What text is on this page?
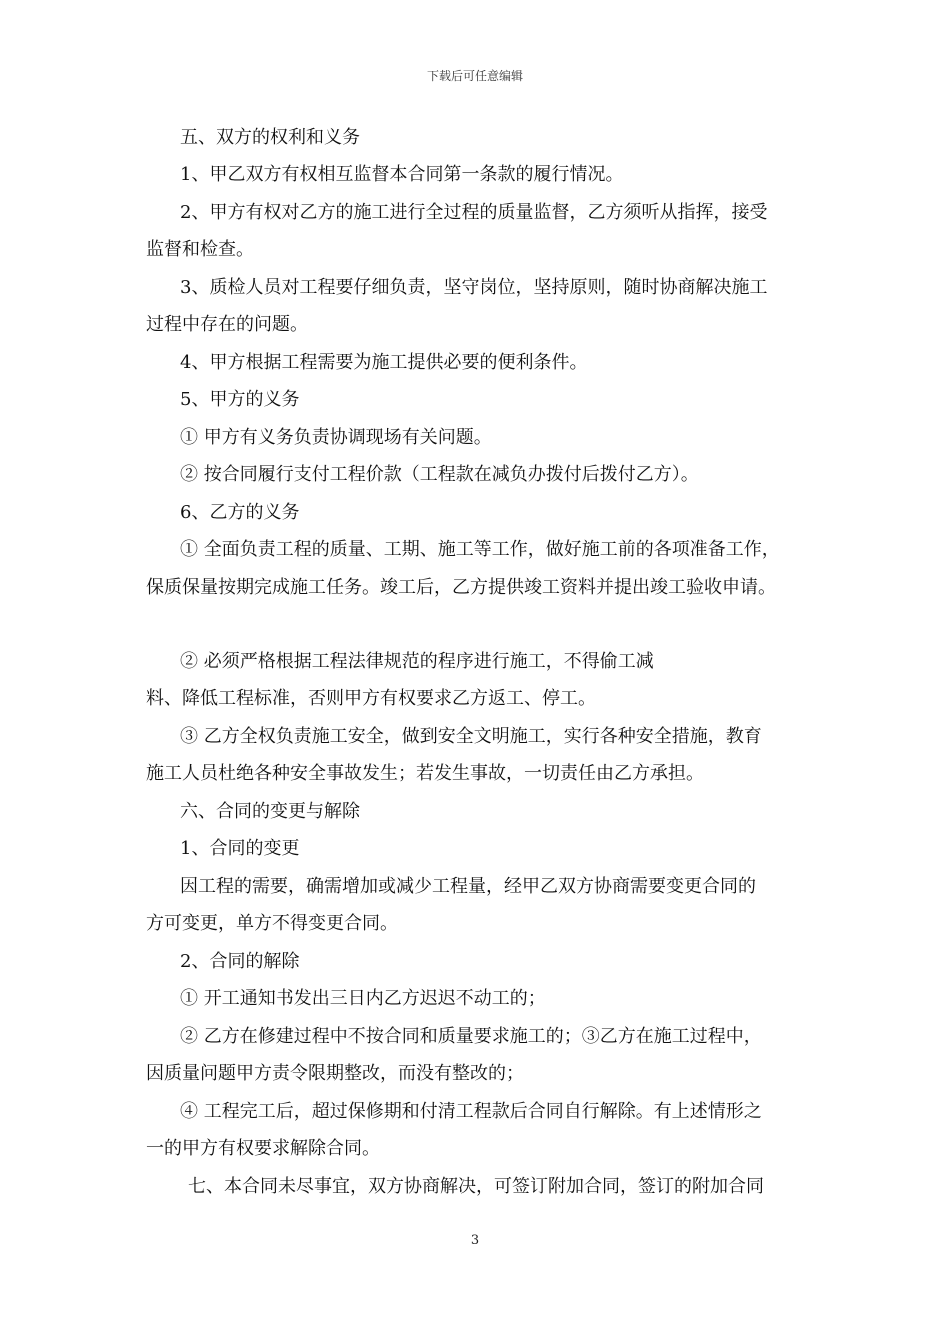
下载后可任意编辑
五、双方的权利和义务
1、甲乙双方有权相互监督本合同第一条款的履行情况。
2、甲方有权对乙方的施工进行全过程的质量监督，乙方须听从指挥，接受
监督和检查。
3、质检人员对工程要仔细负责，坚守岗位，坚持原则，随时协商解决施工
过程中存在的问题。
4、甲方根据工程需要为施工提供必要的便利条件。
5、甲方的义务
① 甲方有义务负责协调现场有关问题。
② 按合同履行支付工程价款（工程款在减负办拨付后拨付乙方）。
6、乙方的义务
① 全面负责工程的质量、工期、施工等工作，做好施工前的各项准备工作，
保质保量按期完成施工任务。竣工后，乙方提供竣工资料并提出竣工验收申请。
② 必须严格根据工程法律规范的程序进行施工，不得偷工减
料、降低工程标准，否则甲方有权要求乙方返工、停工。
③ 乙方全权负责施工安全，做到安全文明施工，实行各种安全措施，教育
施工人员杜绝各种安全事故发生；若发生事故，一切责任由乙方承担。
六、合同的变更与解除
1、合同的变更
因工程的需要，确需增加或减少工程量，经甲乙双方协商需要变更合同的
方可变更，单方不得变更合同。
2、合同的解除
① 开工通知书发出三日内乙方迟迟不动工的；
② 乙方在修建过程中不按合同和质量要求施工的；③乙方在施工过程中，
因质量问题甲方责令限期整改，而没有整改的；
④ 工程完工后，超过保修期和付清工程款后合同自行解除。有上述情形之
一的甲方有权要求解除合同。
七、本合同未尽事宜，双方协商解决，可签订附加合同，签订的附加合同
3
